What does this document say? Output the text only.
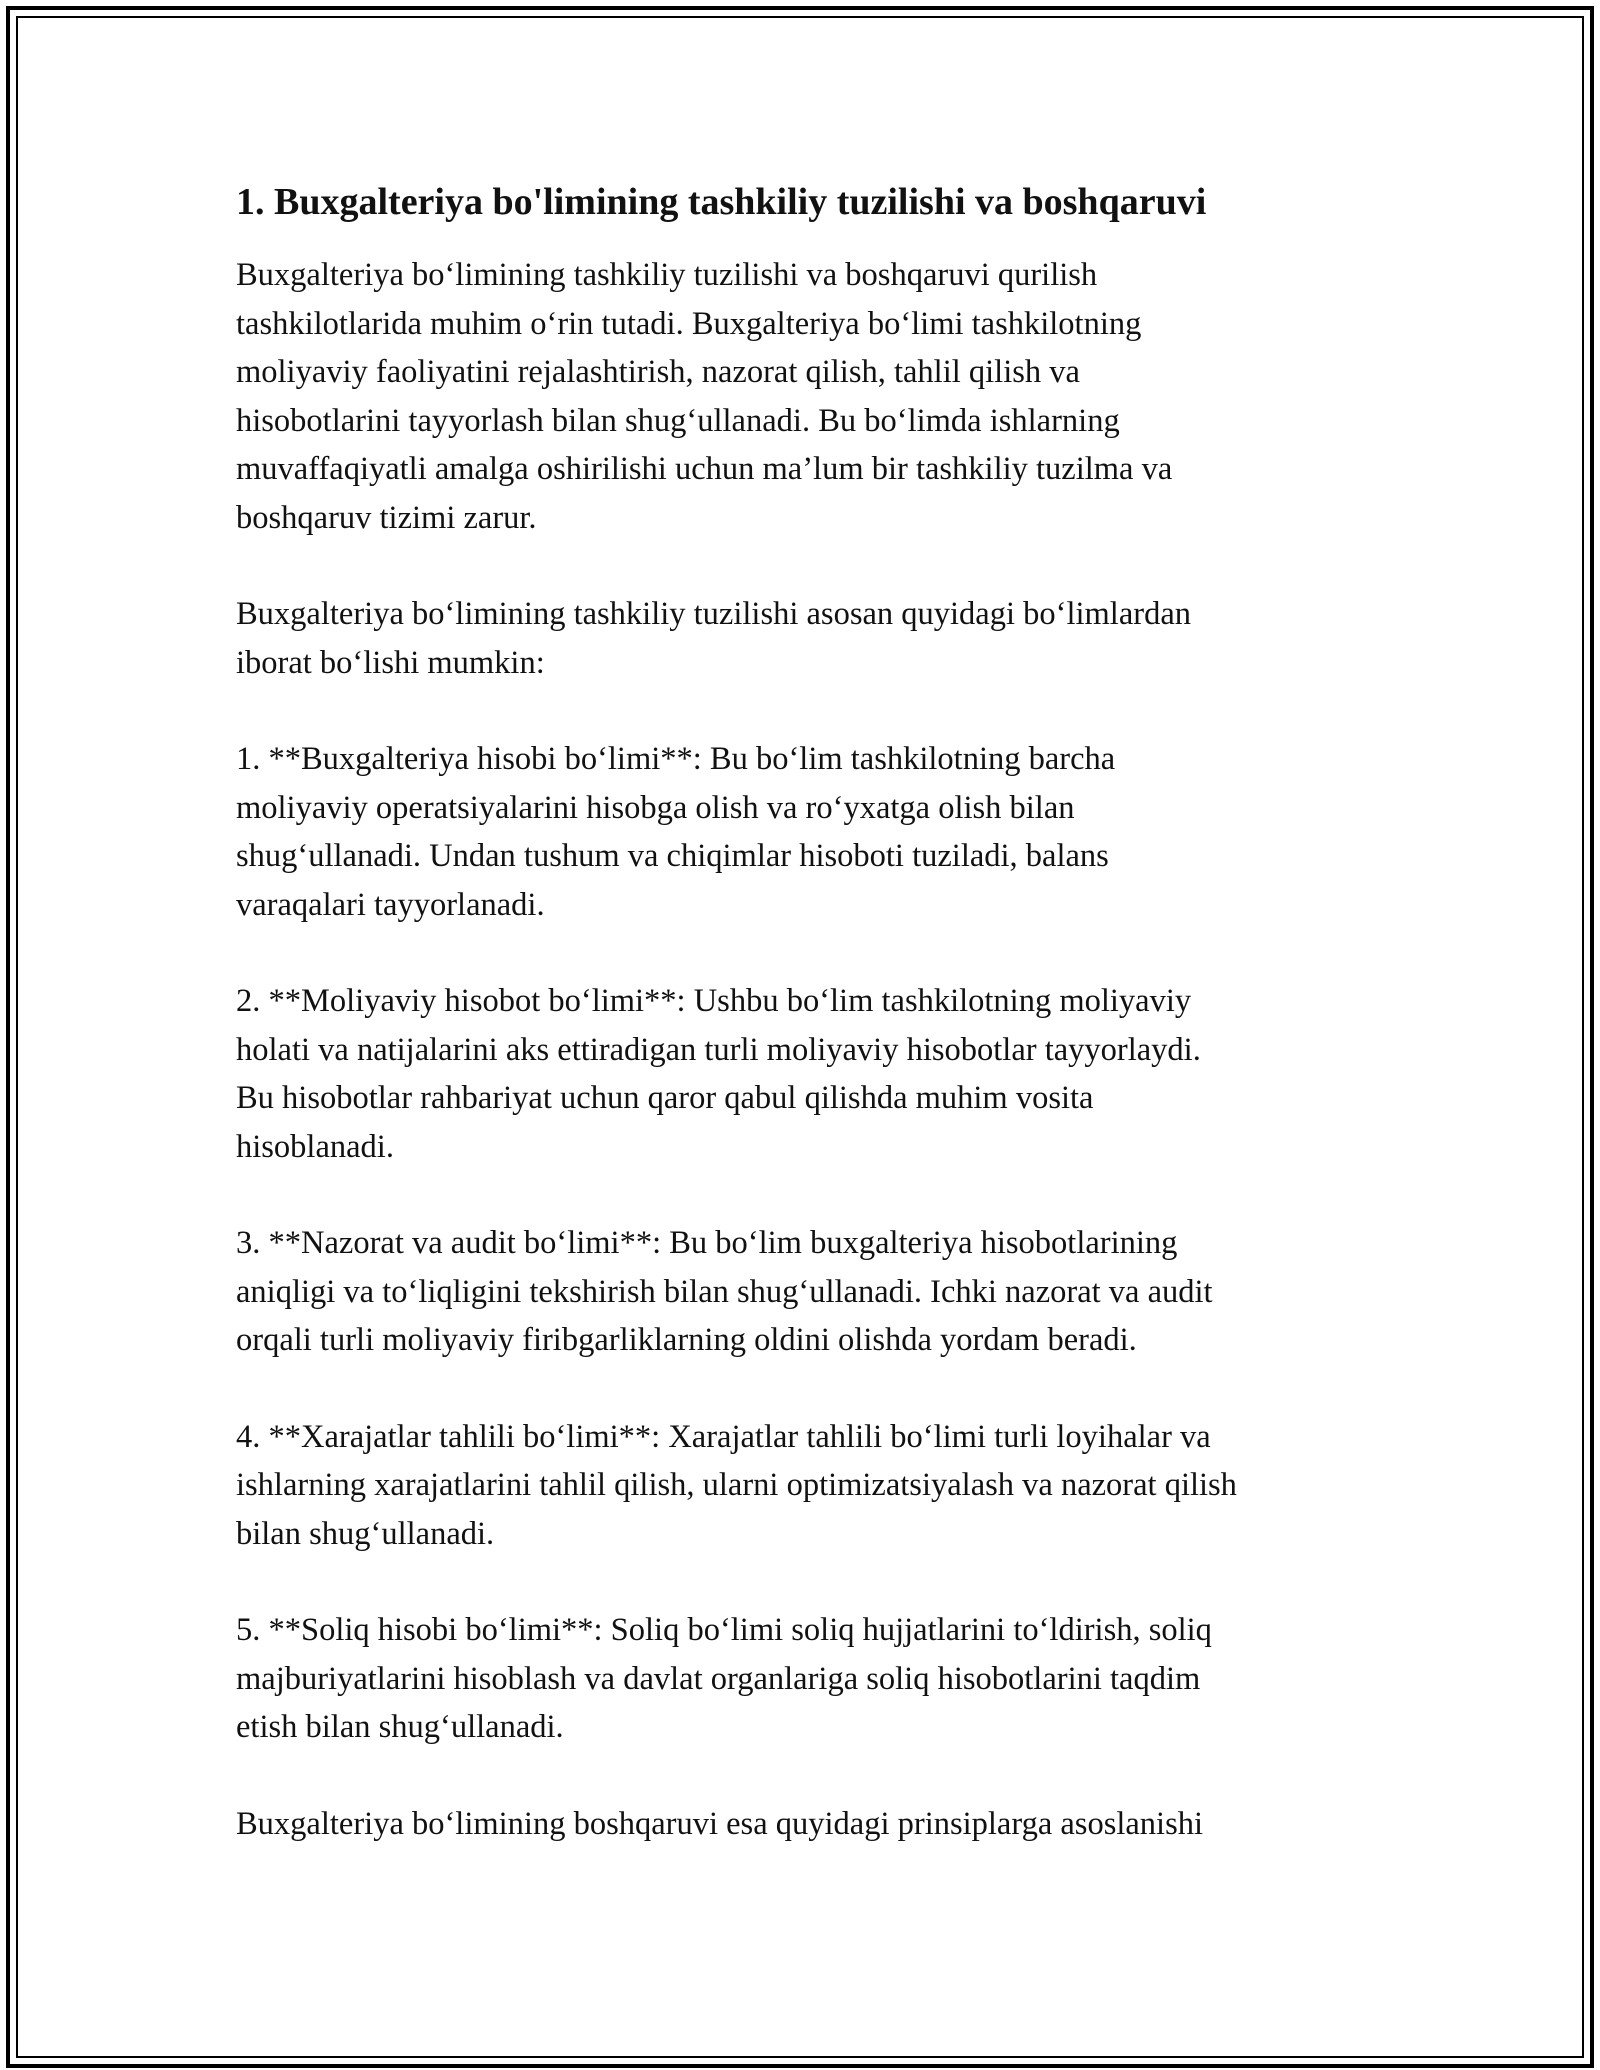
1. Buxgalteriya bo'limining tashkiliy tuzilishi va boshqaruvi

Buxgalteriya bo‘limining tashkiliy tuzilishi va boshqaruvi qurilish
tashkilotlarida muhim o‘rin tutadi. Buxgalteriya bo‘limi tashkilotning
moliyaviy faoliyatini rejalashtirish, nazorat qilish, tahlil qilish va
hisobotlarini tayyorlash bilan shug‘ullanadi. Bu bo‘limda ishlarning
muvaffaqiyatli amalga oshirilishi uchun ma’lum bir tashkiliy tuzilma va
boshqaruv tizimi zarur.

Buxgalteriya bo‘limining tashkiliy tuzilishi asosan quyidagi bo‘limlardan
iborat bo‘lishi mumkin:

1. **Buxgalteriya hisobi bo‘limi**: Bu bo‘lim tashkilotning barcha
moliyaviy operatsiyalarini hisobga olish va ro‘yxatga olish bilan
shug‘ullanadi. Undan tushum va chiqimlar hisoboti tuziladi, balans
varaqalari tayyorlanadi.

2. **Moliyaviy hisobot bo‘limi**: Ushbu bo‘lim tashkilotning moliyaviy
holati va natijalarini aks ettiradigan turli moliyaviy hisobotlar tayyorlaydi.
Bu hisobotlar rahbariyat uchun qaror qabul qilishda muhim vosita
hisoblanadi.

3. **Nazorat va audit bo‘limi**: Bu bo‘lim buxgalteriya hisobotlarining
aniqligi va to‘liqligini tekshirish bilan shug‘ullanadi. Ichki nazorat va audit
orqali turli moliyaviy firibgarliklarning oldini olishda yordam beradi.

4. **Xarajatlar tahlili bo‘limi**: Xarajatlar tahlili bo‘limi turli loyihalar va
ishlarning xarajatlarini tahlil qilish, ularni optimizatsiyalash va nazorat qilish
bilan shug‘ullanadi.

5. **Soliq hisobi bo‘limi**: Soliq bo‘limi soliq hujjatlarini to‘ldirish, soliq
majburiyatlarini hisoblash va davlat organlariga soliq hisobotlarini taqdim
etish bilan shug‘ullanadi.

Buxgalteriya bo‘limining boshqaruvi esa quyidagi prinsiplarga asoslanishi
